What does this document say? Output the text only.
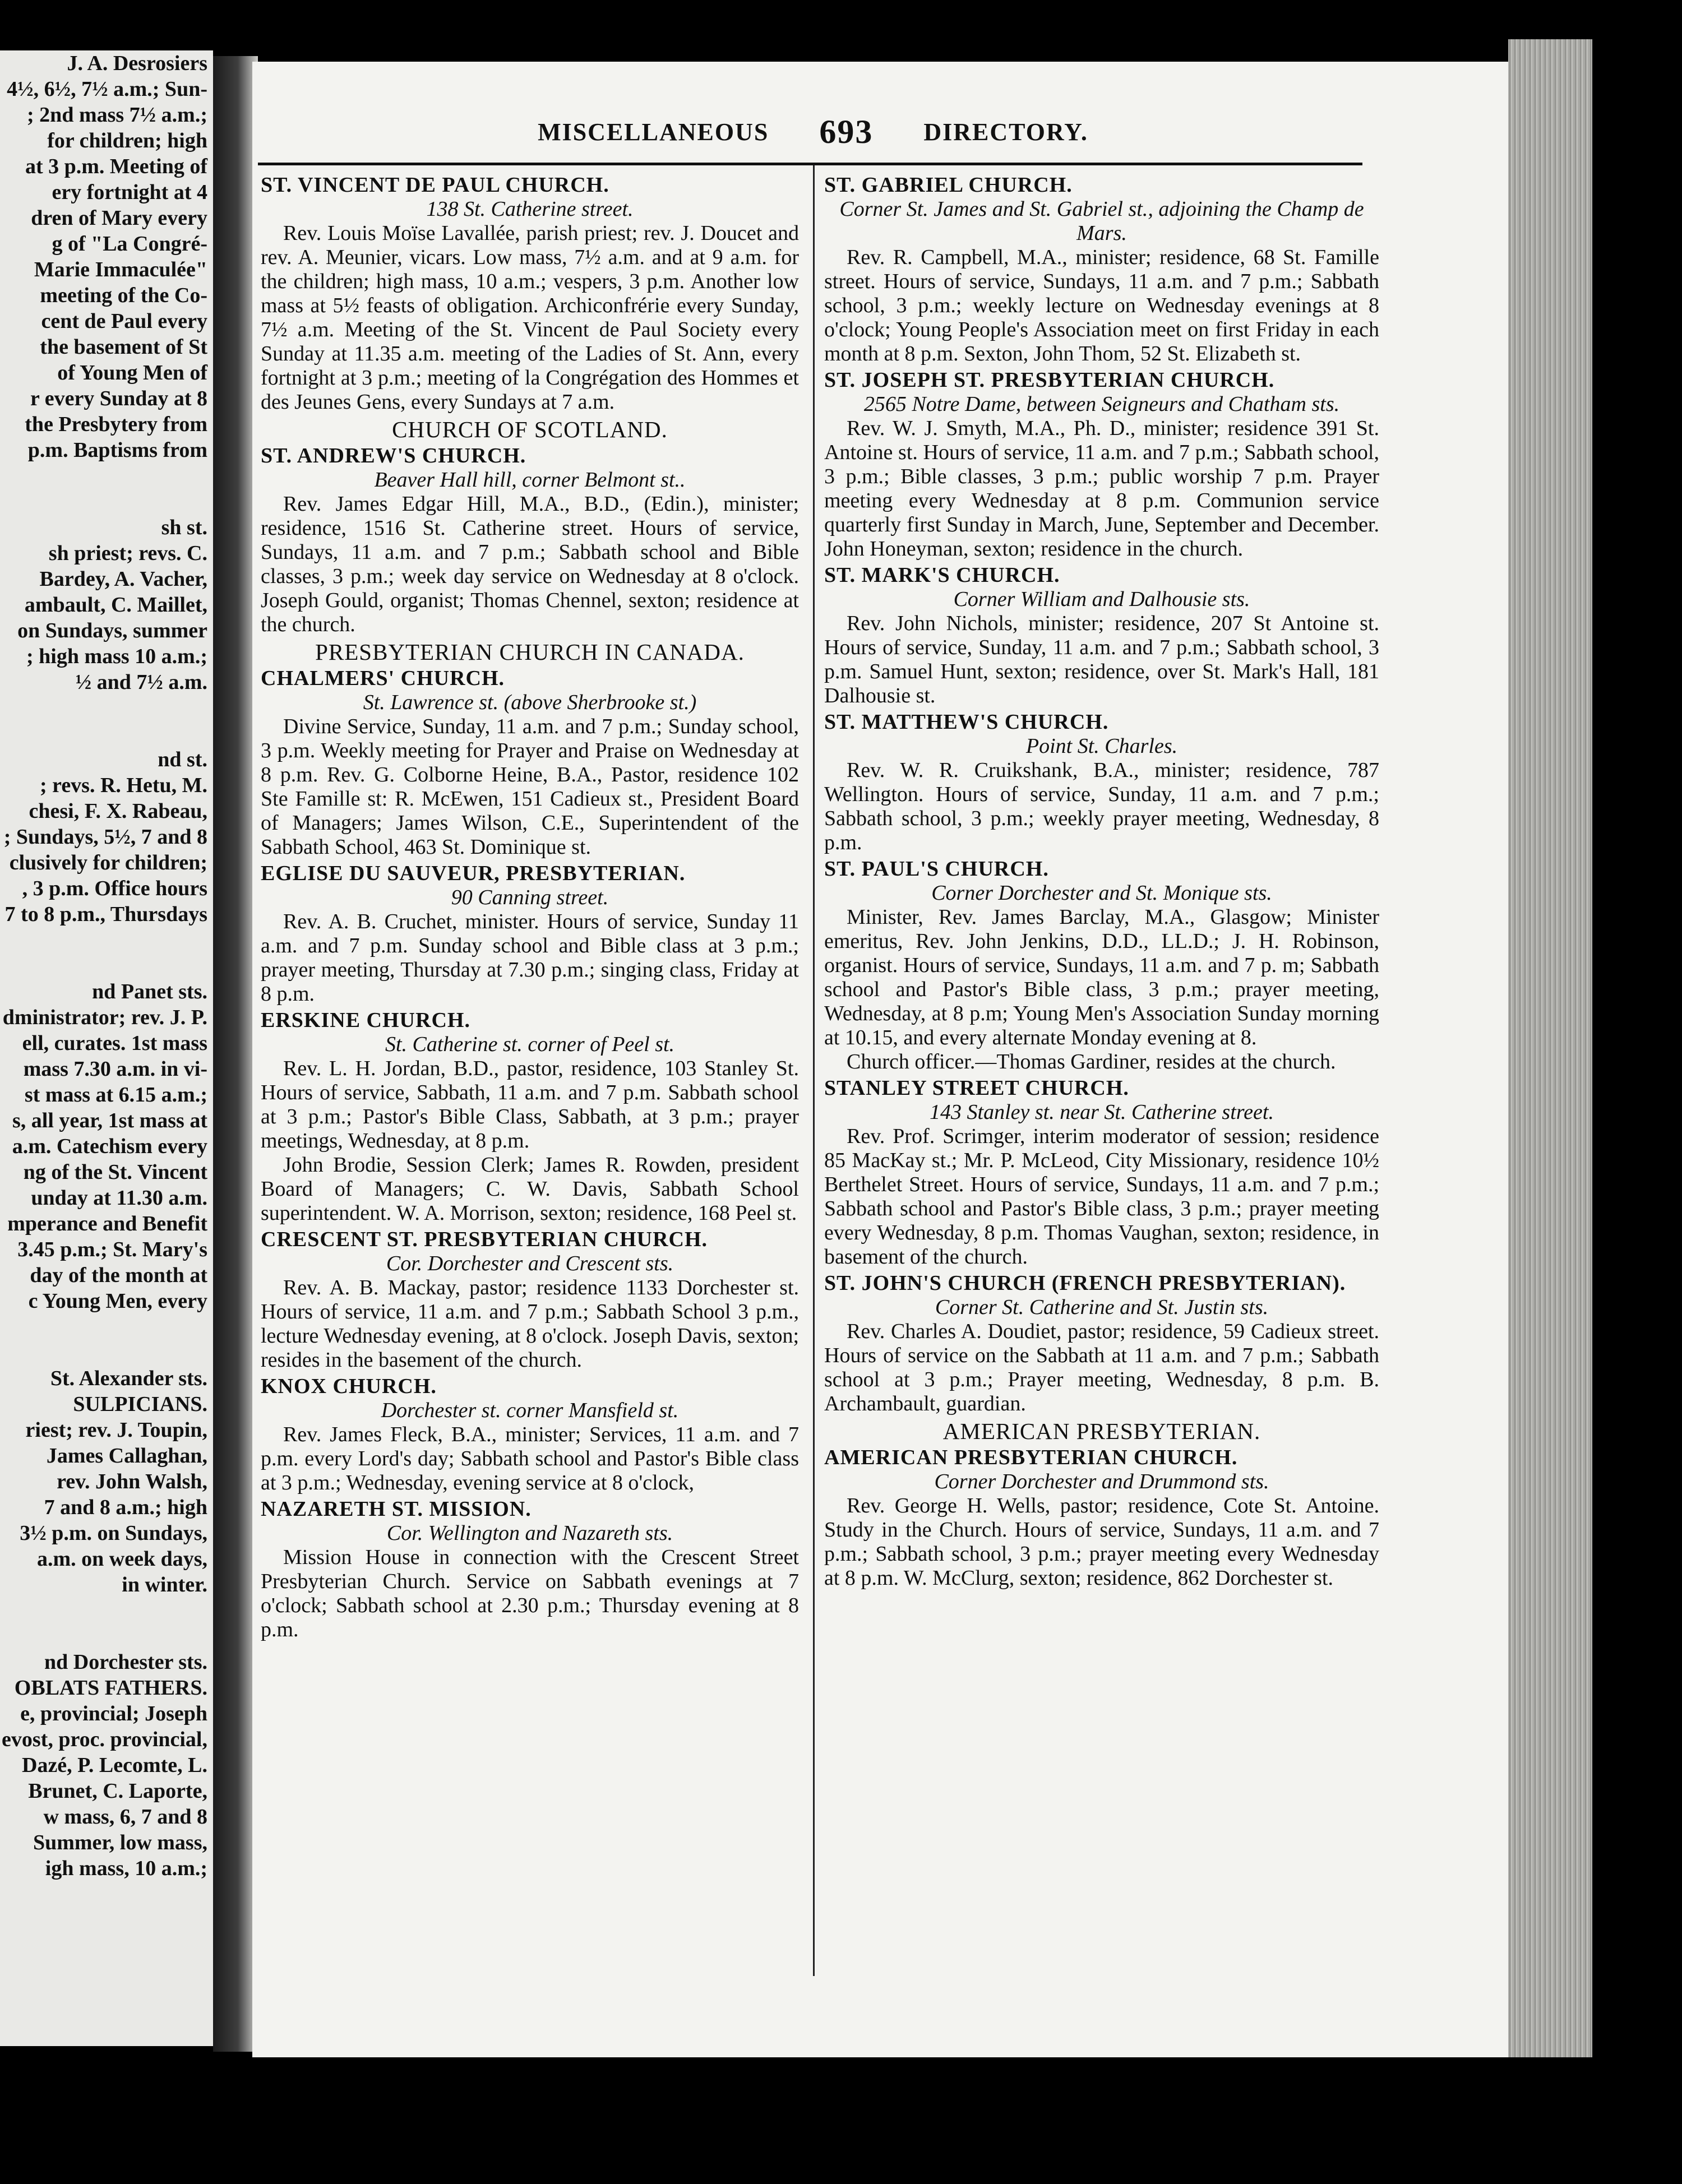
J. A. Desrosiers
4½, 6½, 7½ a.m.; Sun-
; 2nd mass 7½ a.m.;
for children; high
at 3 p.m. Meeting of
ery fortnight at 4
dren of Mary every
g of "La Congré-
Marie Immaculée"
meeting of the Co-
cent de Paul every
the basement of St
of Young Men of
r every Sunday at 8
the Presbytery from
p.m. Baptisms from

sh st.
sh priest; revs. C.
Bardey, A. Vacher,
ambault, C. Maillet,
on Sundays, summer
; high mass 10 a.m.;
½ and 7½ a.m.

nd st.
; revs. R. Hetu, M.
chesi, F. X. Rabeau,
; Sundays, 5½, 7 and 8
clusively for children;
, 3 p.m. Office hours
7 to 8 p.m., Thursdays

nd Panet sts.
dministrator; rev. J. P.
ell, curates. 1st mass
mass 7.30 a.m. in vi-
st mass at 6.15 a.m.;
s, all year, 1st mass at
a.m. Catechism every
ng of the St. Vincent
unday at 11.30 a.m.
mperance and Benefit
3.45 p.m.; St. Mary's
day of the month at
c Young Men, every

St. Alexander sts.
SULPICIANS.
riest; rev. J. Toupin,
James Callaghan,
rev. John Walsh,
7 and 8 a.m.; high
3½ p.m. on Sundays,
a.m. on week days,
in winter.

nd Dorchester sts.
OBLATS FATHERS.
e, provincial; Joseph
evost, proc. provincial,
Dazé, P. Lecomte, L.
Brunet, C. Laporte,
w mass, 6, 7 and 8
Summer, low mass,
igh mass, 10 a.m.;
MISCELLANEOUS 693 DIRECTORY.
ST. VINCENT DE PAUL CHURCH.
138 St. Catherine street.
Rev. Louis Moïse Lavallée, parish priest; rev. J. Doucet and rev. A. Meunier, vicars. Low mass, 7½ a.m. and at 9 a.m. for the children; high mass, 10 a.m.; vespers, 3 p.m. Another low mass at 5½ feasts of obligation. Archiconfrérie every Sunday, 7½ a.m. Meeting of the St. Vincent de Paul Society every Sunday at 11.35 a.m. meeting of the Ladies of St. Ann, every fortnight at 3 p.m.; meeting of la Congrégation des Hommes et des Jeunes Gens, every Sundays at 7 a.m.
CHURCH OF SCOTLAND.
ST. ANDREW'S CHURCH.
Beaver Hall hill, corner Belmont st..
Rev. James Edgar Hill, M.A., B.D., (Edin.), minister; residence, 1516 St. Catherine street. Hours of service, Sundays, 11 a.m. and 7 p.m.; Sabbath school and Bible classes, 3 p.m.; week day service on Wednesday at 8 o'clock. Joseph Gould, organist; Thomas Chennel, sexton; residence at the church.
PRESBYTERIAN CHURCH IN CANADA.
CHALMERS' CHURCH.
St. Lawrence st. (above Sherbrooke st.)
Divine Service, Sunday, 11 a.m. and 7 p.m.; Sunday school, 3 p.m. Weekly meeting for Prayer and Praise on Wednesday at 8 p.m. Rev. G. Colborne Heine, B.A., Pastor, residence 102 Ste Famille st: R. McEwen, 151 Cadieux st., President Board of Managers; James Wilson, C.E., Superintendent of the Sabbath School, 463 St. Dominique st.
EGLISE DU SAUVEUR, PRESBYTERIAN.
90 Canning street.
Rev. A. B. Cruchet, minister. Hours of service, Sunday 11 a.m. and 7 p.m. Sunday school and Bible class at 3 p.m.; prayer meeting, Thursday at 7.30 p.m.; singing class, Friday at 8 p.m.
ERSKINE CHURCH.
St. Catherine st. corner of Peel st.
Rev. L. H. Jordan, B.D., pastor, residence, 103 Stanley St. Hours of service, Sabbath, 11 a.m. and 7 p.m. Sabbath school at 3 p.m.; Pastor's Bible Class, Sabbath, at 3 p.m.; prayer meetings, Wednesday, at 8 p.m.
John Brodie, Session Clerk; James R. Rowden, president Board of Managers; C. W. Davis, Sabbath School superintendent. W. A. Morrison, sexton; residence, 168 Peel st.
CRESCENT ST. PRESBYTERIAN CHURCH.
Cor. Dorchester and Crescent sts.
Rev. A. B. Mackay, pastor; residence 1133 Dorchester st. Hours of service, 11 a.m. and 7 p.m.; Sabbath School 3 p.m., lecture Wednesday evening, at 8 o'clock. Joseph Davis, sexton; resides in the basement of the church.
KNOX CHURCH.
Dorchester st. corner Mansfield st.
Rev. James Fleck, B.A., minister; Services, 11 a.m. and 7 p.m. every Lord's day; Sabbath school and Pastor's Bible class at 3 p.m.; Wednesday, evening service at 8 o'clock,
NAZARETH ST. MISSION.
Cor. Wellington and Nazareth sts.
Mission House in connection with the Crescent Street Presbyterian Church. Service on Sabbath evenings at 7 o'clock; Sabbath school at 2.30 p.m.; Thursday evening at 8 p.m.
ST. GABRIEL CHURCH.
Corner St. James and St. Gabriel st., adjoining the Champ de Mars.
Rev. R. Campbell, M.A., minister; residence, 68 St. Famille street. Hours of service, Sundays, 11 a.m. and 7 p.m.; Sabbath school, 3 p.m.; weekly lecture on Wednesday evenings at 8 o'clock; Young People's Association meet on first Friday in each month at 8 p.m. Sexton, John Thom, 52 St. Elizabeth st.
ST. JOSEPH ST. PRESBYTERIAN CHURCH.
2565 Notre Dame, between Seigneurs and Chatham sts.
Rev. W. J. Smyth, M.A., Ph. D., minister; residence 391 St. Antoine st. Hours of service, 11 a.m. and 7 p.m.; Sabbath school, 3 p.m.; Bible classes, 3 p.m.; public worship 7 p.m. Prayer meeting every Wednesday at 8 p.m. Communion service quarterly first Sunday in March, June, September and December. John Honeyman, sexton; residence in the church.
ST. MARK'S CHURCH.
Corner William and Dalhousie sts.
Rev. John Nichols, minister; residence, 207 St Antoine st. Hours of service, Sunday, 11 a.m. and 7 p.m.; Sabbath school, 3 p.m. Samuel Hunt, sexton; residence, over St. Mark's Hall, 181 Dalhousie st.
ST. MATTHEW'S CHURCH.
Point St. Charles.
Rev. W. R. Cruikshank, B.A., minister; residence, 787 Wellington. Hours of service, Sunday, 11 a.m. and 7 p.m.; Sabbath school, 3 p.m.; weekly prayer meeting, Wednesday, 8 p.m.
ST. PAUL'S CHURCH.
Corner Dorchester and St. Monique sts.
Minister, Rev. James Barclay, M.A., Glasgow; Minister emeritus, Rev. John Jenkins, D.D., LL.D.; J. H. Robinson, organist. Hours of service, Sundays, 11 a.m. and 7 p. m; Sabbath school and Pastor's Bible class, 3 p.m.; prayer meeting, Wednesday, at 8 p.m; Young Men's Association Sunday morning at 10.15, and every alternate Monday evening at 8.
Church officer.—Thomas Gardiner, resides at the church.
STANLEY STREET CHURCH.
143 Stanley st. near St. Catherine street.
Rev. Prof. Scrimger, interim moderator of session; residence 85 MacKay st.; Mr. P. McLeod, City Missionary, residence 10½ Berthelet Street. Hours of service, Sundays, 11 a.m. and 7 p.m.; Sabbath school and Pastor's Bible class, 3 p.m.; prayer meeting every Wednesday, 8 p.m. Thomas Vaughan, sexton; residence, in basement of the church.
ST. JOHN'S CHURCH (FRENCH PRESBYTERIAN).
Corner St. Catherine and St. Justin sts.
Rev. Charles A. Doudiet, pastor; residence, 59 Cadieux street. Hours of service on the Sabbath at 11 a.m. and 7 p.m.; Sabbath school at 3 p.m.; Prayer meeting, Wednesday, 8 p.m. B. Archambault, guardian.
AMERICAN PRESBYTERIAN.
AMERICAN PRESBYTERIAN CHURCH.
Corner Dorchester and Drummond sts.
Rev. George H. Wells, pastor; residence, Cote St. Antoine. Study in the Church. Hours of service, Sundays, 11 a.m. and 7 p.m.; Sabbath school, 3 p.m.; prayer meeting every Wednesday at 8 p.m. W. McClurg, sexton; residence, 862 Dorchester st.
